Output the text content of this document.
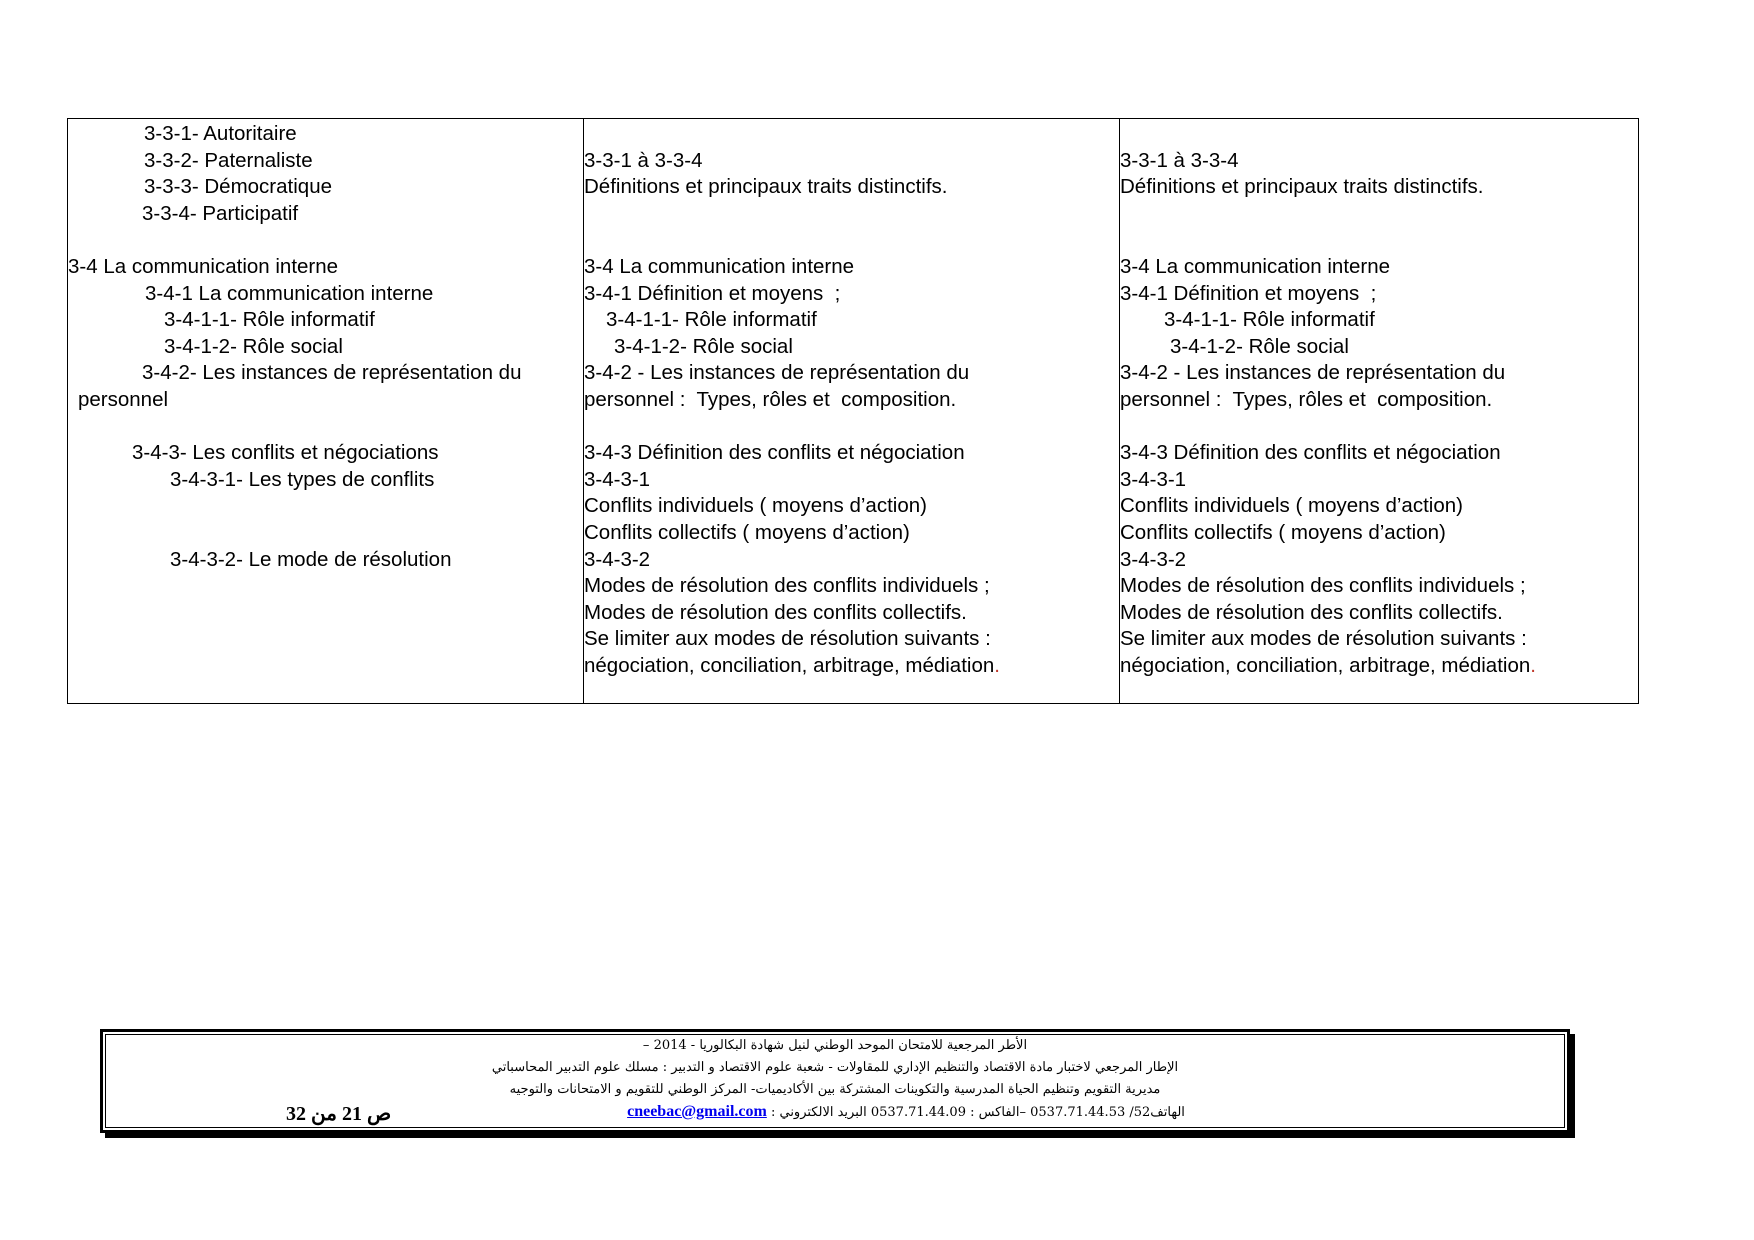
3-3-1- Autoritaire
3-3-2- Paternaliste
3-3-3- Démocratique
3-3-4- Participatif
3-4 La communication interne
3-4-1 La communication interne
3-4-1-1- Rôle informatif
3-4-1-2- Rôle social
3-4-2- Les instances de représentation du personnel
3-4-3- Les conflits et négociations
3-4-3-1- Les types de conflits
3-4-3-2- Le mode de résolution

3-3-1 à 3-3-4
Définitions et principaux traits distinctifs.
3-4 La communication interne
3-4-1 Définition et moyens  ;
3-4-1-1- Rôle informatif
3-4-1-2- Rôle social
3-4-2 - Les instances de représentation du
personnel :  Types, rôles et  composition.
3-4-3 Définition des conflits et négociation
3-4-3-1
Conflits individuels ( moyens d’action)
Conflits collectifs ( moyens d’action)
3-4-3-2
Modes de résolution des conflits individuels ;
Modes de résolution des conflits collectifs.
Se limiter aux modes de résolution suivants :
négociation, conciliation, arbitrage, médiation.

3-3-1 à 3-3-4
Définitions et principaux traits distinctifs.
3-4 La communication interne
3-4-1 Définition et moyens  ;
3-4-1-1- Rôle informatif
3-4-1-2- Rôle social
3-4-2 - Les instances de représentation du
personnel :  Types, rôles et  composition.
3-4-3 Définition des conflits et négociation
3-4-3-1
Conflits individuels ( moyens d’action)
Conflits collectifs ( moyens d’action)
3-4-3-2
Modes de résolution des conflits individuels ;
Modes de résolution des conflits collectifs.
Se limiter aux modes de résolution suivants :
négociation, conciliation, arbitrage, médiation.
الأطر المرجعية للامتحان الموحد الوطني لنيل شهادة البكالوريا - 2014 –
الإطار المرجعي لاختبار مادة الاقتصاد والتنظيم الإداري للمقاولات - شعبة علوم الاقتصاد و التدبير : مسلك علوم التدبير المحاسباتي
مديرية التقويم وتنظيم الحياة المدرسية والتكوينات المشتركة بين الأكاديميات- المركز الوطني للتقويم و الامتحانات والتوجيه
الهاتف52/ 0537.71.44.53 –الفاكس : 0537.71.44.09 البريد الالكتروني : cneebac@gmail.com
ص 21 من 32
